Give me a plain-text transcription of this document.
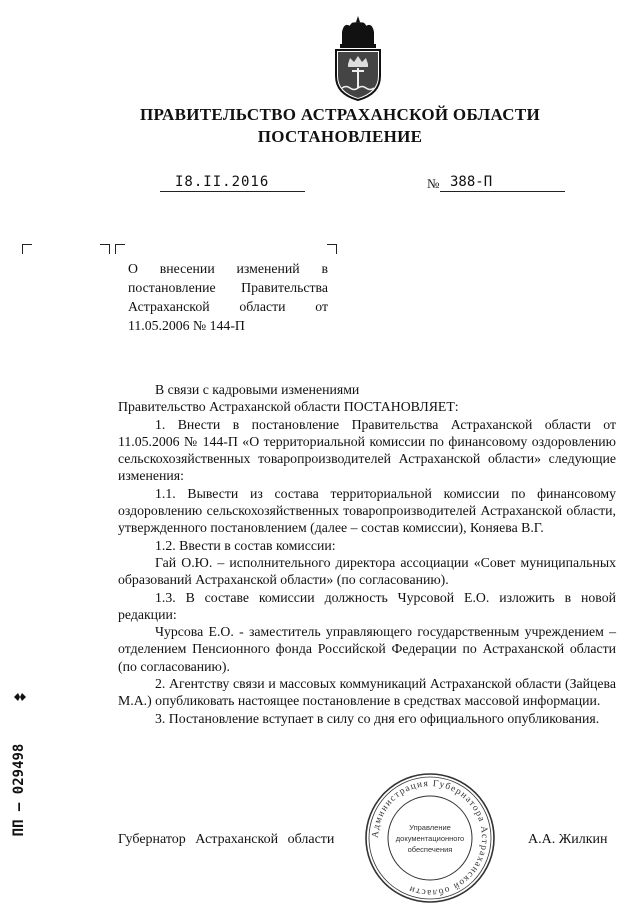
ПРАВИТЕЛЬСТВО АСТРАХАНСКОЙ ОБЛАСТИ
ПОСТАНОВЛЕНИЕ
I8.II.2016	№ 388-П
О внесении изменений в постановление Правительства Астраханской области от 11.05.2006 № 144-П

В связи с кадровыми изменениями

Правительство Астраханской области ПОСТАНОВЛЯЕТ:

1. Внести в постановление Правительства Астраханской области от 11.05.2006 № 144-П «О территориальной комиссии по финансовому оздоровлению сельскохозяйственных товаропроизводителей Астраханской области» следующие изменения:

1.1. Вывести из состава территориальной комиссии по финансовому оздоровлению сельскохозяйственных товаропроизводителей Астраханской области, утвержденного постановлением (далее – состав комиссии), Коняева В.Г.

1.2. Ввести в состав комиссии:

Гай О.Ю. – исполнительного директора ассоциации «Совет муниципальных образований Астраханской области» (по согласованию).

1.3. В составе комиссии должность Чурсовой Е.О. изложить в новой редакции:

Чурсова Е.О. - заместитель управляющего государственным учреждением – отделением Пенсионного фонда Российской Федерации по Астраханской области (по согласованию).

2. Агентству связи и массовых коммуникаций Астраханской области (Зайцева М.А.) опубликовать настоящее постановление в средствах массовой информации.

3. Постановление вступает в силу со дня его официального опубликования.

Губернатор Астраханской области	А.А. Жилкин
Администрация Губернатора Астраханской области
Управление
документационного
обеспечения
ПП – 029498
